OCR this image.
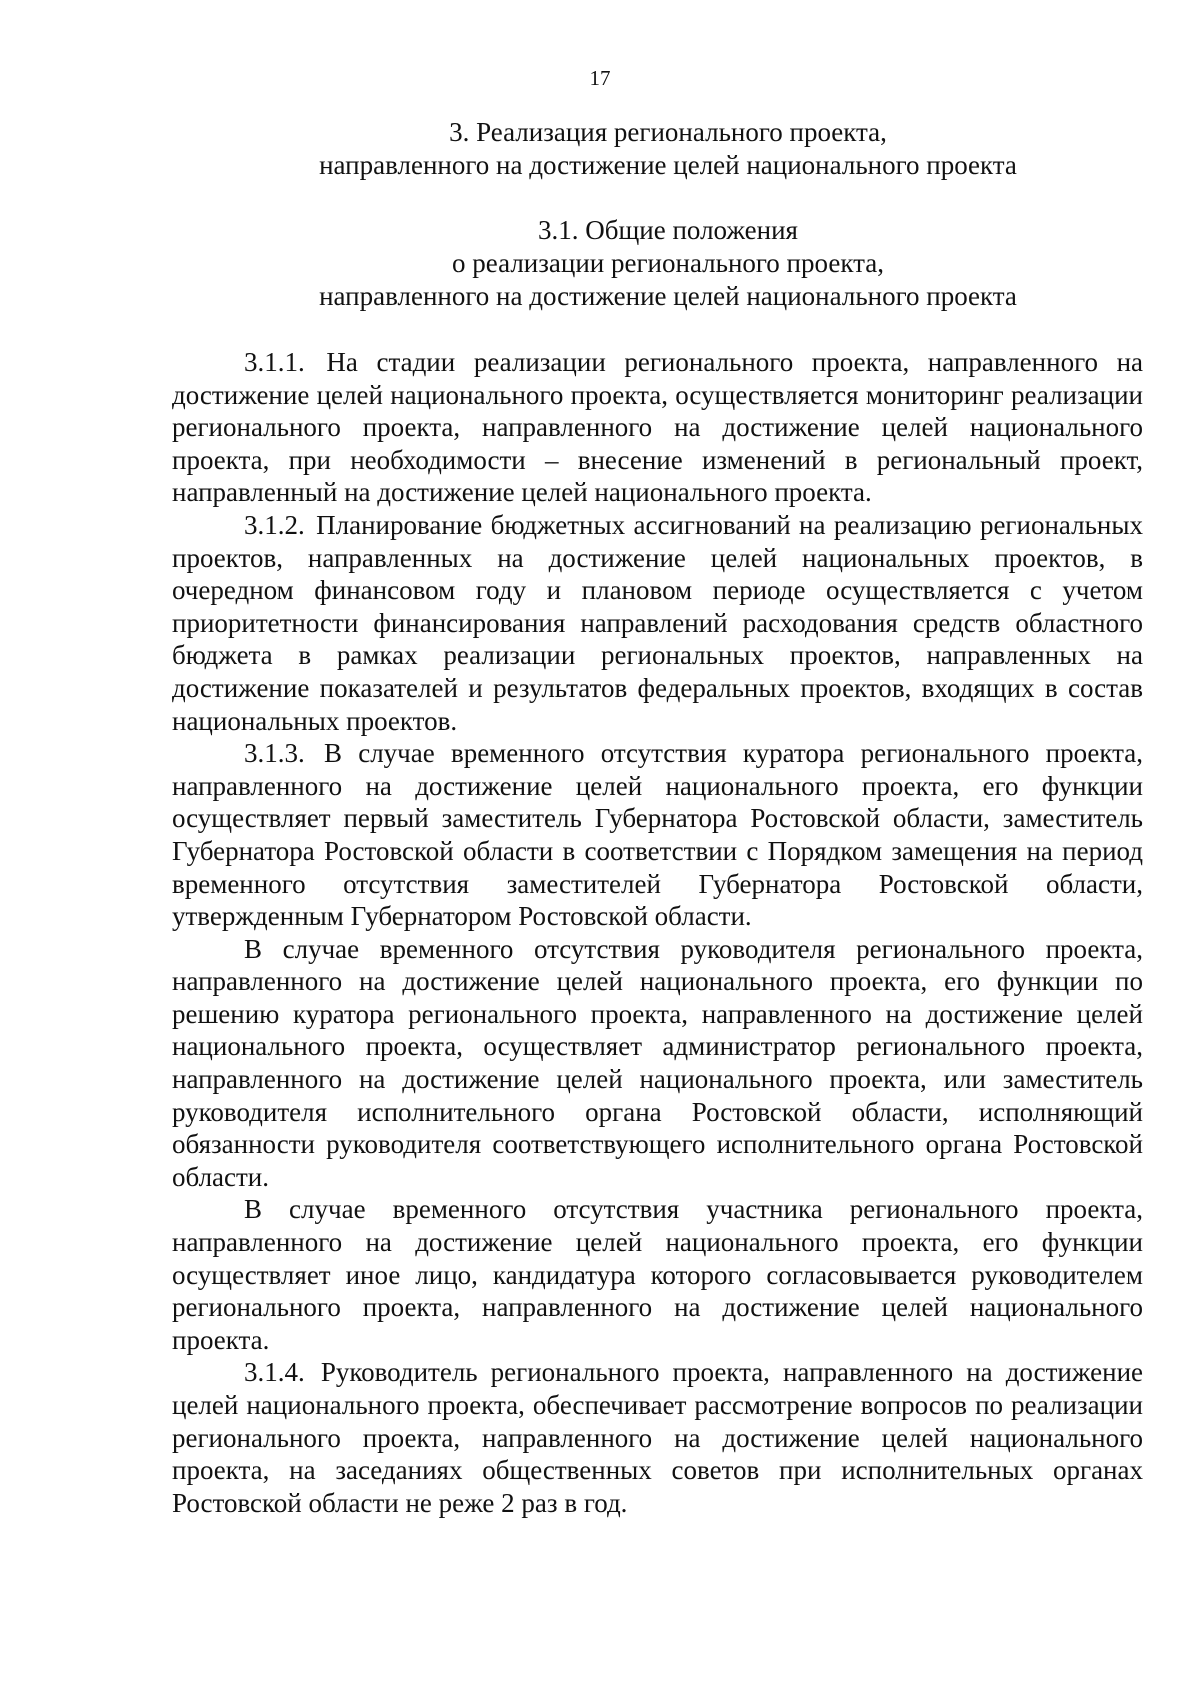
17
3. Реализация регионального проекта,
направленного на достижение целей национального проекта
3.1. Общие положения
о реализации регионального проекта,
направленного на достижение целей национального проекта

3.1.1. На стадии реализации регионального проекта, направленного на достижение целей национального проекта, осуществляется мониторинг реализации регионального проекта, направленного на достижение целей национального проекта, при необходимости – внесение изменений в региональный проект, направленный на достижение целей национального проекта.

3.1.2. Планирование бюджетных ассигнований на реализацию региональных проектов, направленных на достижение целей национальных проектов, в очередном финансовом году и плановом периоде осуществляется с учетом приоритетности финансирования направлений расходования средств областного бюджета в рамках реализации региональных проектов, направленных на достижение показателей и результатов федеральных проектов, входящих в состав национальных проектов.

3.1.3. В случае временного отсутствия куратора регионального проекта, направленного на достижение целей национального проекта, его функции осуществляет первый заместитель Губернатора Ростовской области, заместитель Губернатора Ростовской области в соответствии с Порядком замещения на период временного отсутствия заместителей Губернатора Ростовской области, утвержденным Губернатором Ростовской области.

В случае временного отсутствия руководителя регионального проекта, направленного на достижение целей национального проекта, его функции по решению куратора регионального проекта, направленного на достижение целей национального проекта, осуществляет администратор регионального проекта, направленного на достижение целей национального проекта, или заместитель руководителя исполнительного органа Ростовской области, исполняющий обязанности руководителя соответствующего исполнительного органа Ростовской области.

В случае временного отсутствия участника регионального проекта, направленного на достижение целей национального проекта, его функции осуществляет иное лицо, кандидатура которого согласовывается руководителем регионального проекта, направленного на достижение целей национального проекта.

3.1.4. Руководитель регионального проекта, направленного на достижение целей национального проекта, обеспечивает рассмотрение вопросов по реализации регионального проекта, направленного на достижение целей национального проекта, на заседаниях общественных советов при исполнительных органах Ростовской области не реже 2 раз в год.
